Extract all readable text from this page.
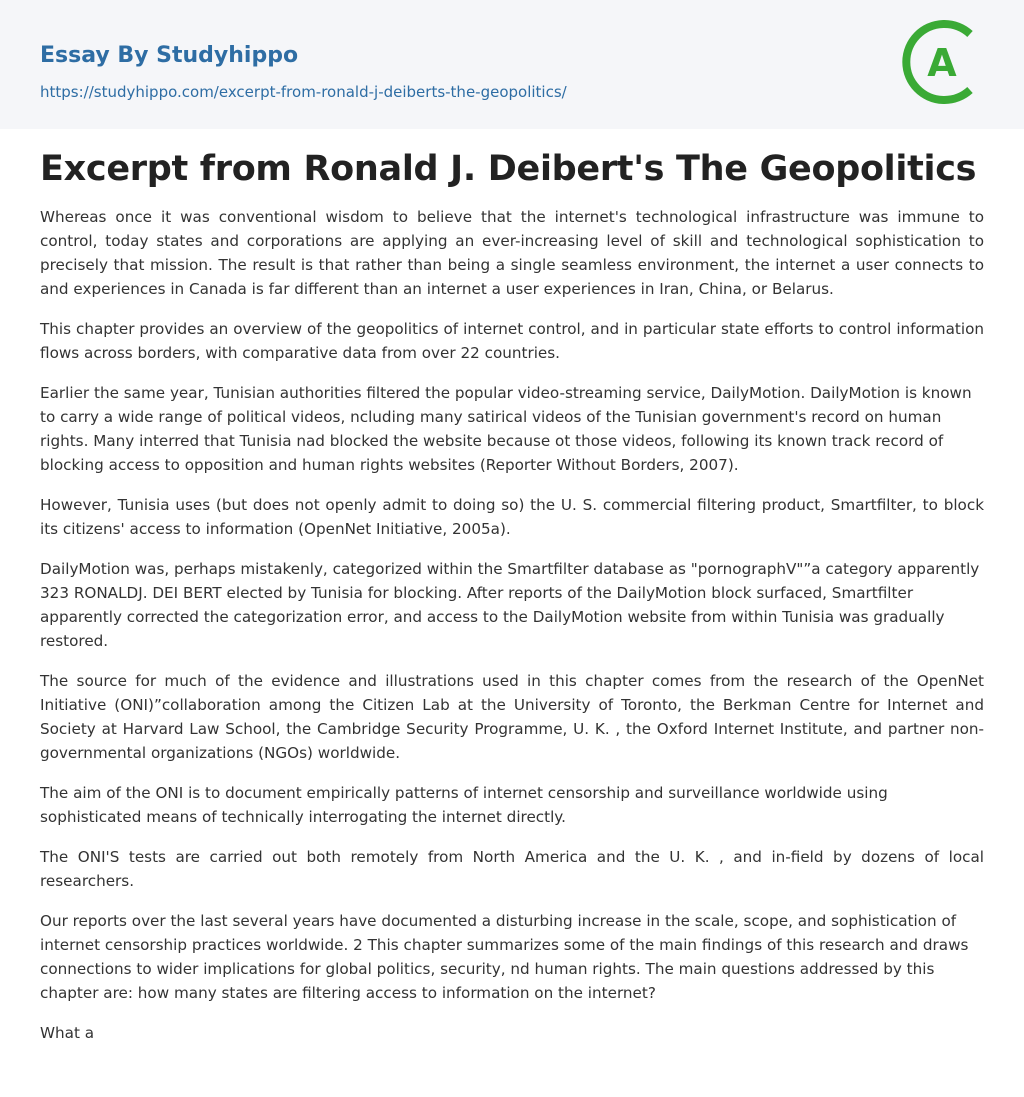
Essay By Studyhippo
https://studyhippo.com/excerpt-from-ronald-j-deiberts-the-geopolitics/
A
Excerpt from Ronald J. Deibert's The Geopolitics

Whereas once it was conventional wisdom to believe that the internet's technological infrastructure was immune to control, today states and corporations are applying an ever-increasing level of skill and technological sophistication to precisely that mission. The result is that rather than being a single seamless environment, the internet a user connects to and experiences in Canada is far different than an internet a user experiences in Iran, China, or Belarus.

This chapter provides an overview of the geopolitics of internet control, and in particular state efforts to control information flows across borders, with comparative data from over 22 countries.

Earlier the same year, Tunisian authorities filtered the popular video-streaming service, DailyMotion. DailyMotion is known to carry a wide range of political videos, ncluding many satirical videos of the Tunisian government's record on human rights. Many interred that Tunisia nad blocked the website because ot those videos, following its known track record of blocking access to opposition and human rights websites (Reporter Without Borders, 2007).

However, Tunisia uses (but does not openly admit to doing so) the U. S. commercial filtering product, Smartfilter, to block its citizens' access to information (OpenNet Initiative, 2005a).

DailyMotion was, perhaps mistakenly, categorized within the Smartfilter database as "pornographV"”a category apparently 323 RONALDJ. DEI BERT elected by Tunisia for blocking. After reports of the DailyMotion block surfaced, Smartfilter apparently corrected the categorization error, and access to the DailyMotion website from within Tunisia was gradually restored.

The source for much of the evidence and illustrations used in this chapter comes from the research of the OpenNet Initiative (ONI)”collaboration among the Citizen Lab at the University of Toronto, the Berkman Centre for Internet and Society at Harvard Law School, the Cambridge Security Programme, U. K. , the Oxford Internet Institute, and partner non- governmental organizations (NGOs) worldwide.

The aim of the ONI is to document empirically patterns of internet censorship and surveillance worldwide using sophisticated means of technically interrogating the internet directly.

The ONI'S tests are carried out both remotely from North America and the U. K. , and in-field by dozens of local researchers.

Our reports over the last several years have documented a disturbing increase in the scale, scope, and sophistication of internet censorship practices worldwide. 2 This chapter summarizes some of the main findings of this research and draws connections to wider implications for global politics, security, nd human rights. The main questions addressed by this chapter are: how many states are filtering access to information on the internet?

What a
